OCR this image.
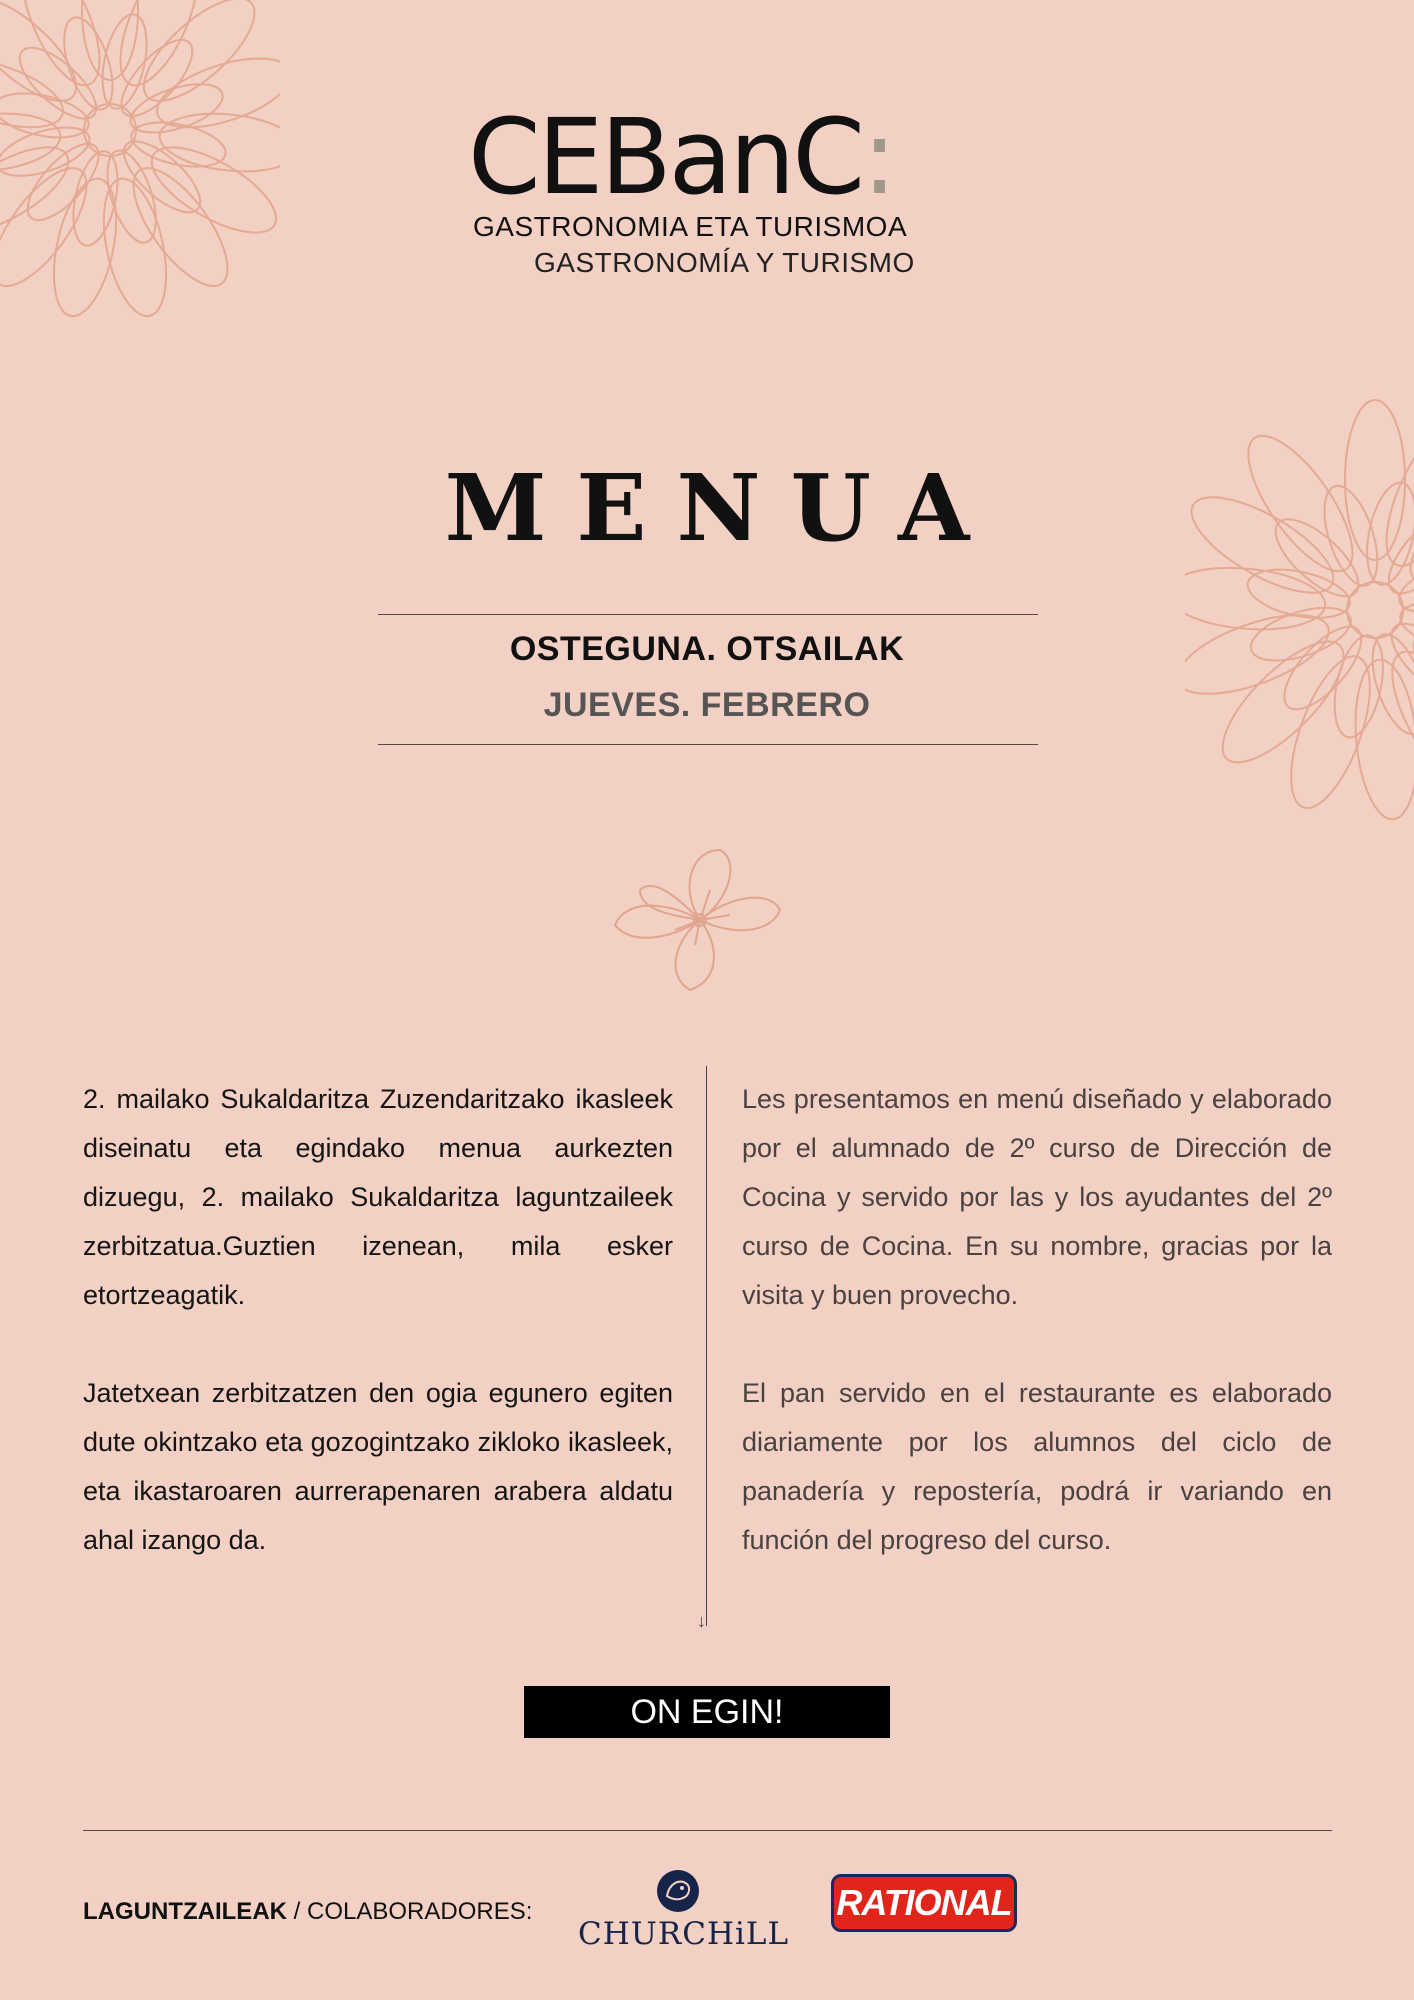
CEBanC:
GASTRONOMIA ETA TURISMOA
GASTRONOMÍA Y TURISMO
MENUA
OSTEGUNA. OTSAILAK
JUEVES. FEBRERO

2. mailako Sukaldaritza Zuzendaritzako ikasleek diseinatu eta egindako menua aurkezten dizuegu, 2. mailako Sukaldaritza laguntzaileek zerbitzatua.Guztien izenean, mila esker etortzeagatik.

Jatetxean zerbitzatzen den ogia egunero egiten dute okintzako eta gozogintzako zikloko ikasleek, eta ikastaroaren aurrerapenaren arabera aldatu ahal izango da.

↓

Les presentamos en menú diseñado y elaborado por el alumnado de 2º curso de Dirección de Cocina y servido por las y los ayudantes del 2º curso de Cocina. En su nombre, gracias por la visita y buen provecho.

El pan servido en el restaurante es elaborado diariamente por los alumnos del ciclo de panadería y repostería, podrá ir variando en función del progreso del curso.

ON EGIN!
LAGUNTZAILEAK / COLABORADORES:
CHURCHiLL
RATIONAL
